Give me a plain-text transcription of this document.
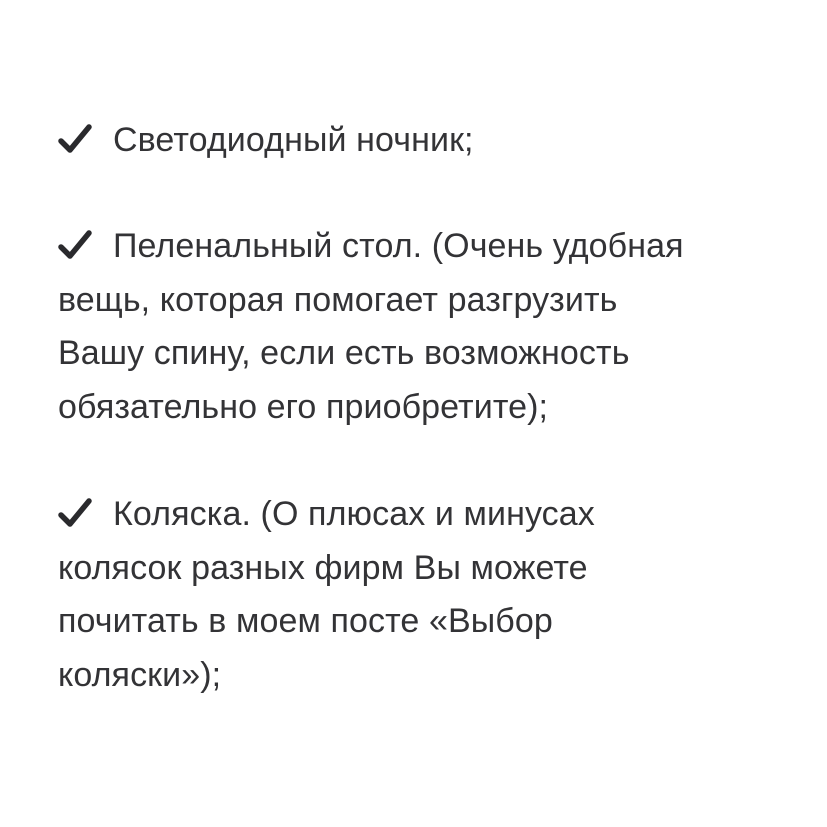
Светодиодный ночник;
Пеленальный стол. (Очень удобная
вещь, которая помогает разгрузить
Вашу спину, если есть возможность
обязательно его приобретите);
Коляска. (О плюсах и минусах
колясок разных фирм Вы можете
почитать в моем посте «Выбор
коляски»);
